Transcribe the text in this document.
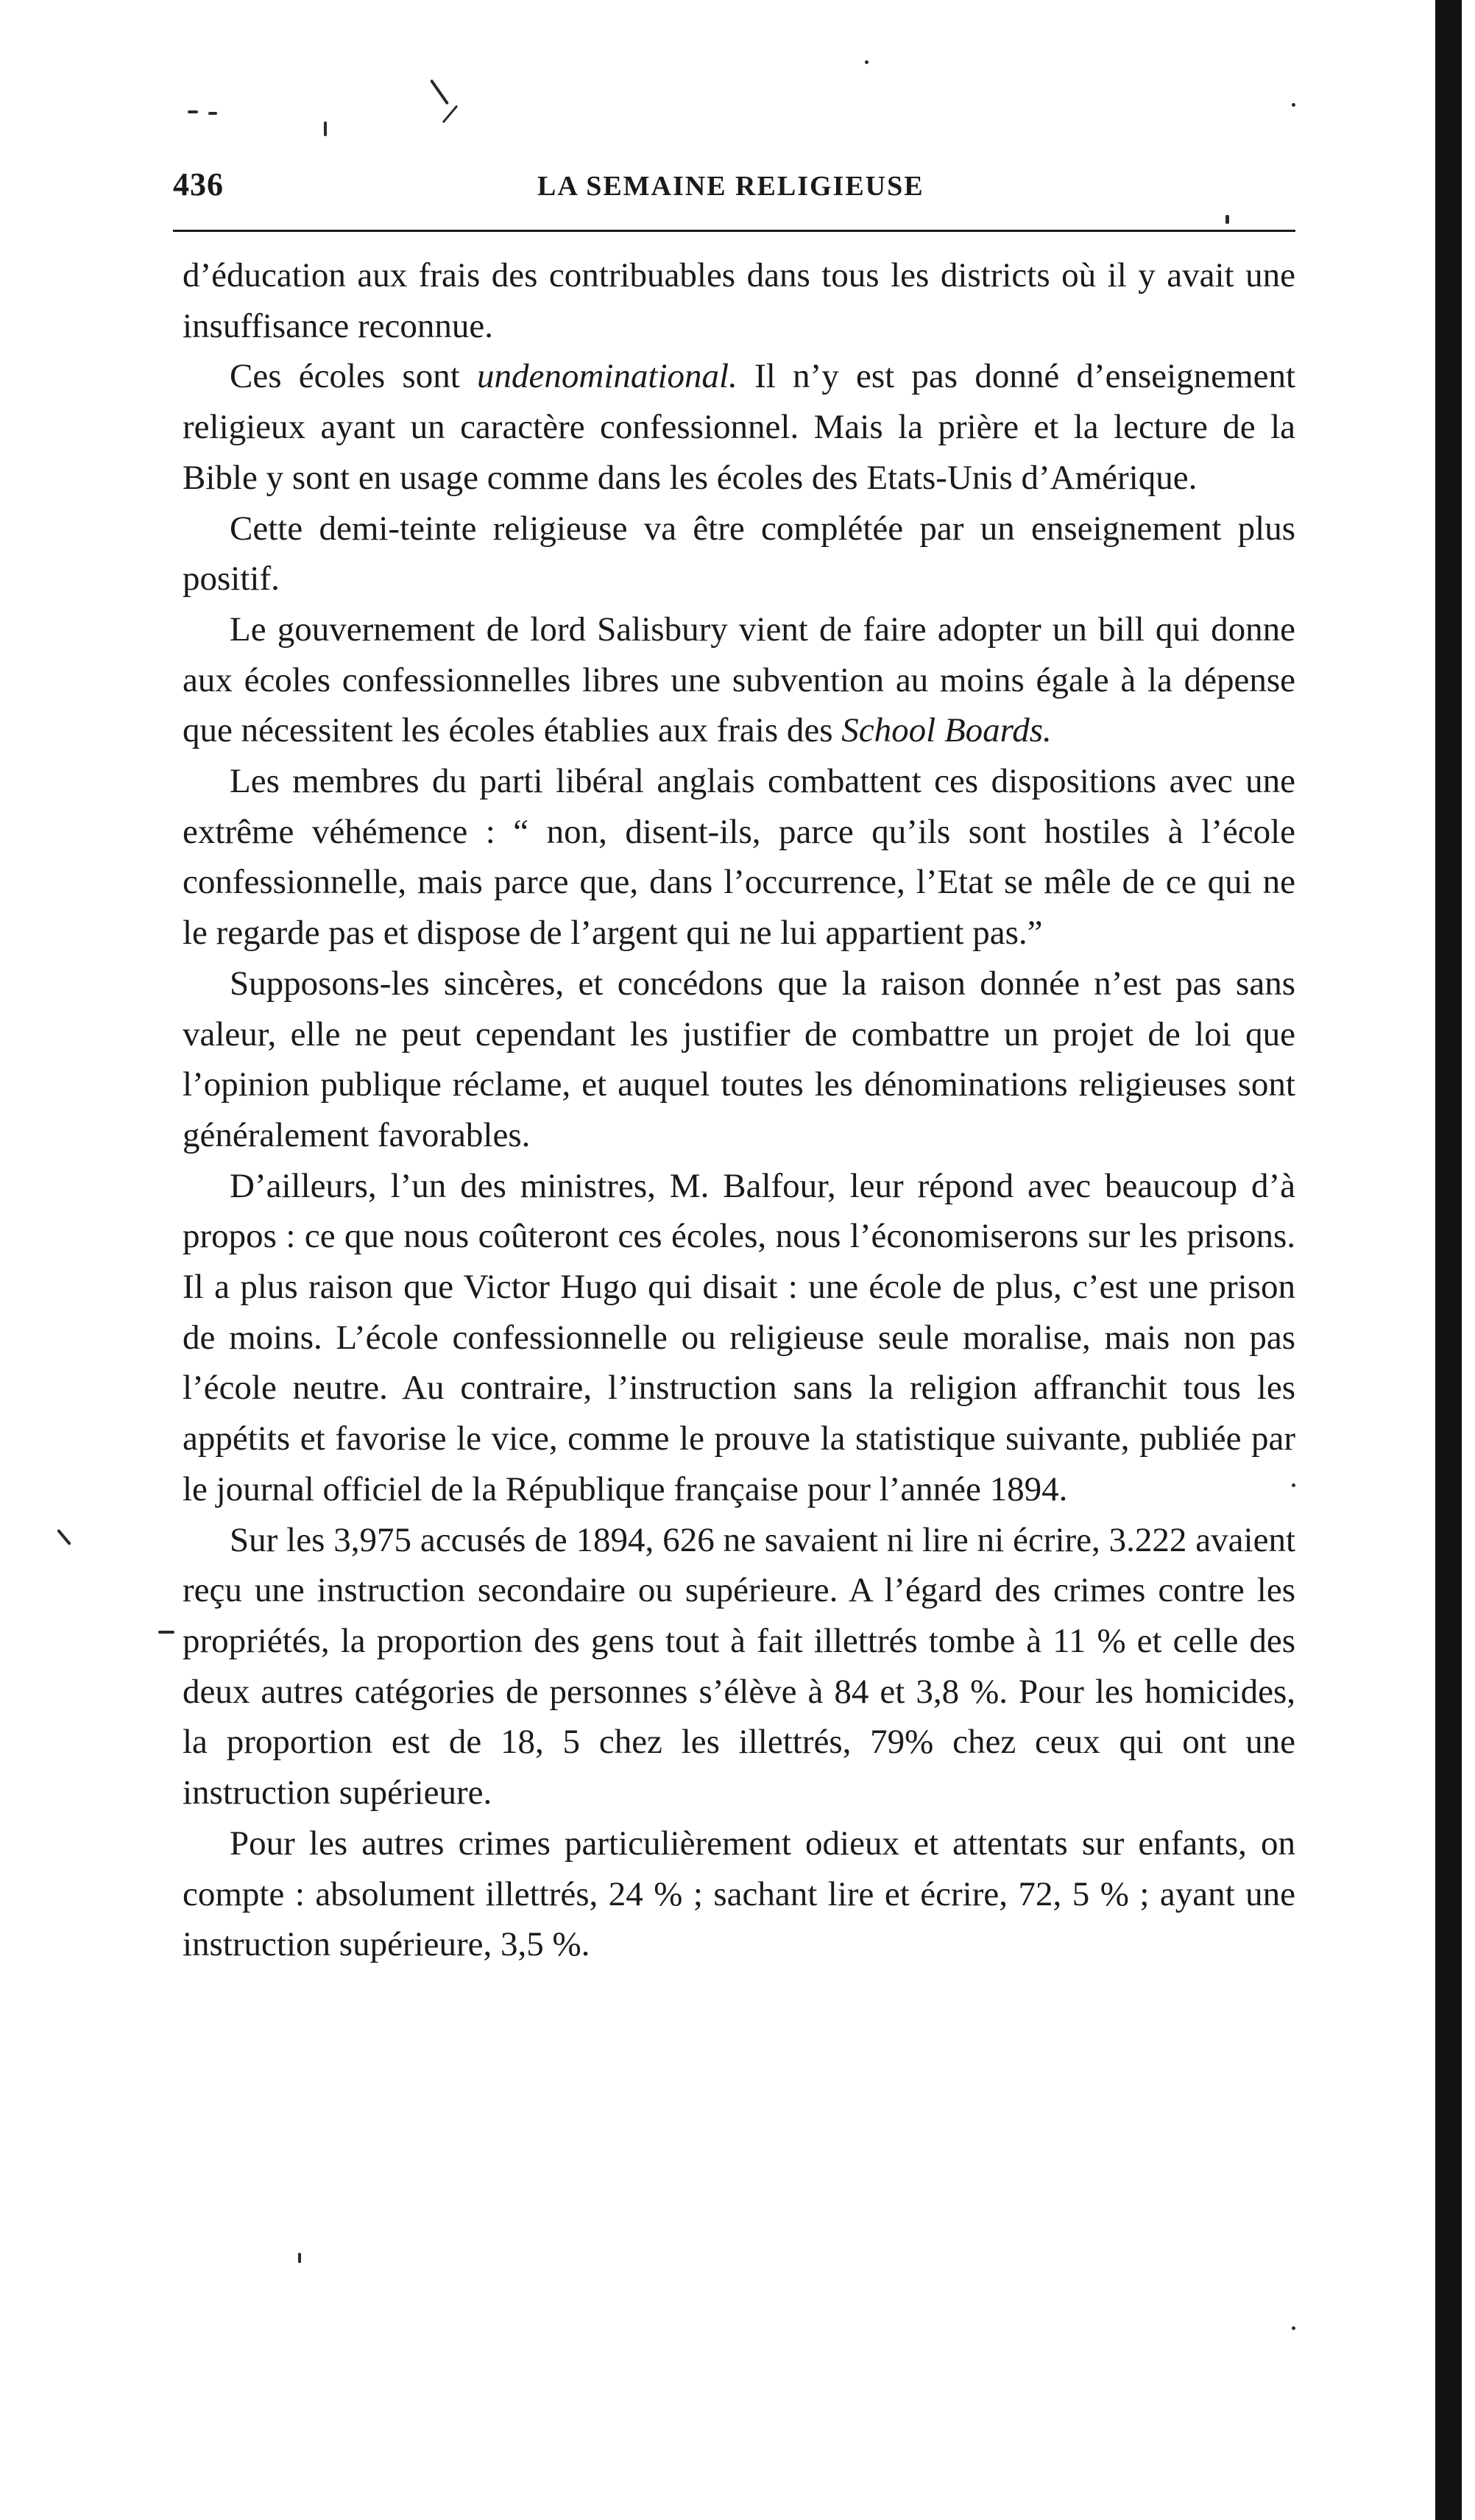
436	LA SEMAINE RELIGIEUSE

d’éducation aux frais des contribuables dans tous les districts où il y avait une insuffisance reconnue.

Ces écoles sont undenominational. Il n’y est pas donné d’enseignement religieux ayant un caractère confessionnel. Mais la prière et la lecture de la Bible y sont en usage comme dans les écoles des Etats-Unis d’Amérique.

Cette demi-teinte religieuse va être complétée par un enseignement plus positif.

Le gouvernement de lord Salisbury vient de faire adopter un bill qui donne aux écoles confessionnelles libres une subvention au moins égale à la dépense que nécessitent les écoles établies aux frais des School Boards.

Les membres du parti libéral anglais combattent ces dispositions avec une extrême véhémence : “ non, disent-ils, parce qu’ils sont hostiles à l’école confessionnelle, mais parce que, dans l’occurrence, l’Etat se mêle de ce qui ne le regarde pas et dispose de l’argent qui ne lui appartient pas.”

Supposons-les sincères, et concédons que la raison donnée n’est pas sans valeur, elle ne peut cependant les justifier de combattre un projet de loi que l’opinion publique réclame, et auquel toutes les dénominations religieuses sont généralement favorables.

D’ailleurs, l’un des ministres, M. Balfour, leur répond avec beaucoup d’à propos : ce que nous coûteront ces écoles, nous l’économiserons sur les prisons. Il a plus raison que Victor Hugo qui disait : une école de plus, c’est une prison de moins. L’école confessionnelle ou religieuse seule moralise, mais non pas l’école neutre. Au contraire, l’instruction sans la religion affranchit tous les appétits et favorise le vice, comme le prouve la statistique suivante, publiée par le journal officiel de la République française pour l’année 1894.

Sur les 3,975 accusés de 1894, 626 ne savaient ni lire ni écrire, 3.222 avaient reçu une instruction secondaire ou supérieure. A l’égard des crimes contre les propriétés, la proportion des gens tout à fait illettrés tombe à 11 % et celle des deux autres catégories de personnes s’élève à 84 et 3,8 %. Pour les homicides, la proportion est de 18, 5 chez les illettrés, 79% chez ceux qui ont une instruction supérieure.

Pour les autres crimes particulièrement odieux et attentats sur enfants, on compte : absolument illettrés, 24 % ; sachant lire et écrire, 72, 5 % ; ayant une instruction supérieure, 3,5 %.
